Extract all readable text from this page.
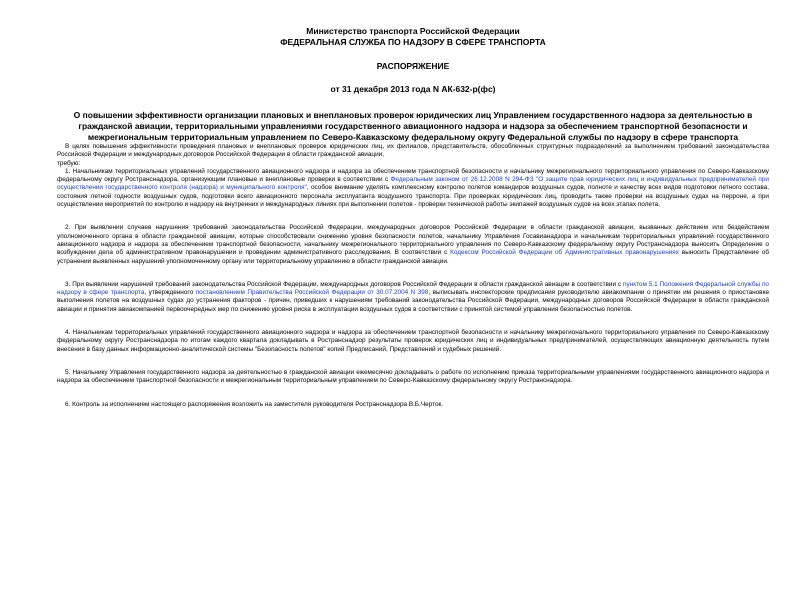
Министерство транспорта Российской Федерации
ФЕДЕРАЛЬНАЯ СЛУЖБА ПО НАДЗОРУ В СФЕРЕ ТРАНСПОРТА
РАСПОРЯЖЕНИЕ
от 31 декабря 2013 года N АК-632-р(фс)
О повышении эффективности организации плановых и внеплановых проверок юридических лиц Управлением государственного надзора за деятельностью в гражданской авиации, территориальными управлениями государственного авиационного надзора и надзора за обеспечением транспортной безопасности и межрегиональным территориальным управлением по Северо-Кавказскому федеральному округу Федеральной службы по надзору в сфере транспорта

В целях повышения эффективности проведения плановых и внеплановых проверок юридических лиц, их филиалов, представительств, обособленных структурных подразделений за выполнением требований законодательства Российской Федерации и международных договоров Российской Федерации в области гражданской авиации,

требую:

1. Начальникам территориальных управлений государственного авиационного надзора и надзора за обеспечением транспортной безопасности и начальнику межрегионального территориального управления по Северо-Кавказскому федеральному округу Ространснадзора, организующим плановые и внеплановые проверки в соответствии с Федеральным законом от 26.12.2008 N 294-ФЗ "О защите прав юридических лиц и индивидуальных предпринимателей при осуществлении государственного контроля (надзора) и муниципального контроля", особое внимание уделять комплексному контролю полетов командиров воздушных судов, полноте и качеству всех видов подготовки летного состава, состояния летной годности воздушных судов, подготовки всего авиационного персонала эксплуатанта воздушного транспорта. При проверках юридических лиц, проводить также проверки на воздушных судах на перроне, а при осуществлении мероприятий по контролю и надзору на внутренних и международных линиях при выполнении полетов - проверки технической работы экипажей воздушных судов на всех этапах полета.

2. При выявлении случаев нарушения требований законодательства Российской Федерации, международных договоров Российской Федерации в области гражданской авиации, вызванных действием или бездействием уполномоченного органа в области гражданской авиации, которые способствовали снижению уровня безопасности полетов, начальнику Управления Госавианадзора и начальникам территориальных управлений государственного авиационного надзора и надзора за обеспечением транспортной безопасности, начальнику межрегионального территориального управления по Северо-Кавказскому федеральному округу Ространснадзора выносить Определение о возбуждении дела об административном правонарушении и проведении административного расследования. В соответствии с Кодексом Российской Федерации об Административных правонарушениях выносить Представление об устранении выявленных нарушений уполномоченному органу или территориальному управлению в области гражданской авиации.

3. При выявлении нарушений требований законодательства Российской Федерации, международных договоров Российской Федерации в области гражданской авиации в соответствии с пунктом 5.1 Положения Федеральной службы по надзору в сфере транспорта, утвержденного постановлением Правительства Российской Федерации от 30.07.2004 N 398, выписывать инспекторские предписания руководителю авиакомпании о принятии им решения о приостановке выполнения полетов на воздушных судах до устранения факторов - причин, приведших к нарушениям требований законодательства Российской Федерации, международных договоров Российской Федерации в области гражданской авиации и принятия авиакомпанией первоочередных мер по снижению уровня риска в эксплуатации воздушных судов в соответствии с принятой системой управления безопасностью полетов.

4. Начальникам территориальных управлений государственного авиационного надзора и надзора за обеспечением транспортной безопасности и начальнику межрегионального территориального управления по Северо-Кавказскому федеральному округу Ространснадзора по итогам каждого квартала докладывать в Ространснадзор результаты проверок юридических лиц и индивидуальных предпринимателей, осуществляющих авиационную деятельность путем внесения в базу данных информационно-аналитической системы "Безопасность полетов" копий Предписаний, Представлений и судебных решений.

5. Начальнику Управления государственного надзора за деятельностью в гражданской авиации ежемесячно докладывать о работе по исполнению приказа территориальными управлениями государственного авиационного надзора и надзора за обеспечением транспортной безопасности и межрегиональным территориальным управлением по Северо-Кавказскому федеральному округу Ространснадзора.

6. Контроль за исполнением настоящего распоряжения возложить на заместителя руководителя Ространснадзора В.Б.Черток.
